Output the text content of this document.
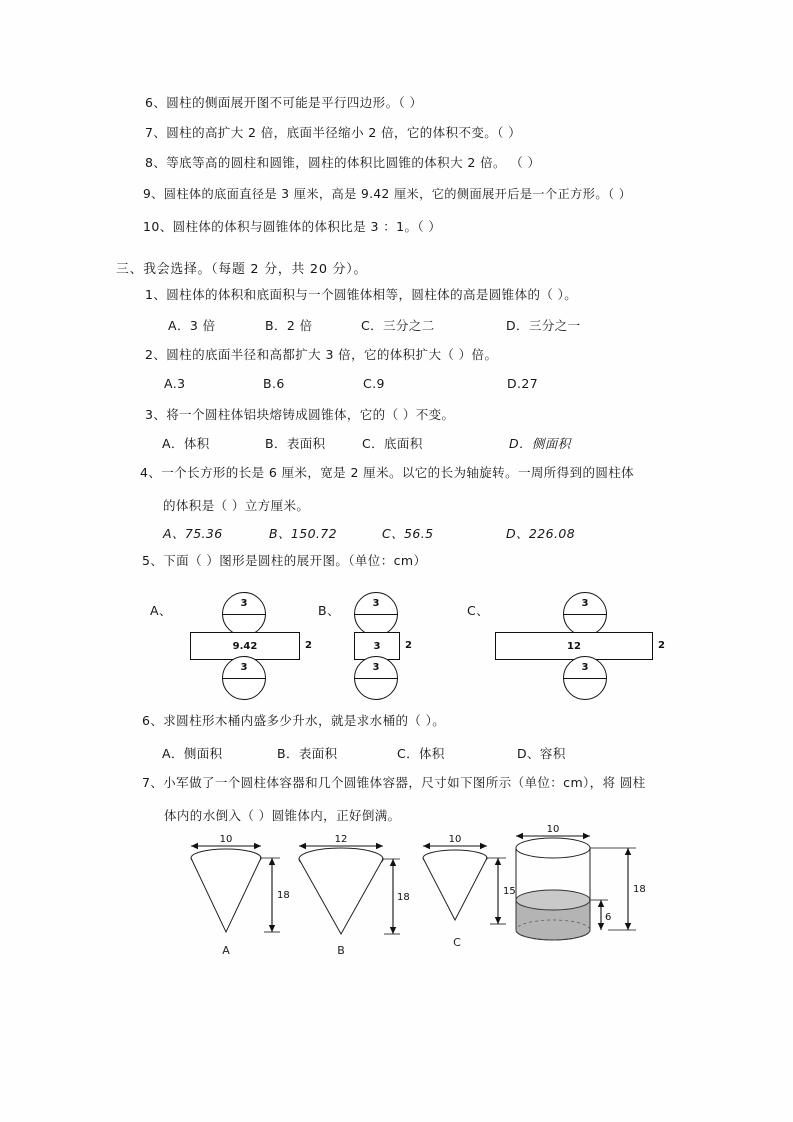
6、圆柱的侧面展开图不可能是平行四边形。（ ）
7、圆柱的高扩大 2 倍，底面半径缩小 2 倍，它的体积不变。（ ）
8、等底等高的圆柱和圆锥，圆柱的体积比圆锥的体积大 2 倍。 （ ）
9、圆柱体的底面直径是 3 厘米，高是 9.42 厘米，它的侧面展开后是一个正方形。（ ）
10、圆柱体的体积与圆锥体的体积比是 3 ：1。（ ）
三、我会选择。（每题 2 分，共 20 分）。
1、圆柱体的体积和底面积与一个圆锥体相等，圆柱体的高是圆锥体的（ ）。
A．3 倍	B．2 倍	C．三分之二	D．三分之一
2、圆柱的底面半径和高都扩大 3 倍，它的体积扩大（ ）倍。
A.3	B.6	C.9	D.27
3、将一个圆柱体铝块熔铸成圆锥体，它的（ ）不变。
A．体积	B．表面积	C．底面积	D．侧面积
4、一个长方形的长是 6 厘米，宽是 2 厘米。以它的长为轴旋转。一周所得到的圆柱体
的体积是（ ）立方厘米。
A、75.36	B、150.72	C、56.5	D、226.08
5、下面（ ）图形是圆柱的展开图。（单位：cm）
A、	3
9.42	2
3
B、	3
3 2
3
C、	3
12	2
3
6、求圆柱形木桶内盛多少升水，就是求水桶的（ ）。
A．侧面积	B．表面积	C．体积	D、容积
7、小军做了一个圆柱体容器和几个圆锥体容器，尺寸如下图所示（单位：cm），将 圆柱
体内的水倒入（ ）圆锥体内，正好倒满。
10
18
A
12
18
B
10
15
C
10
6
18
